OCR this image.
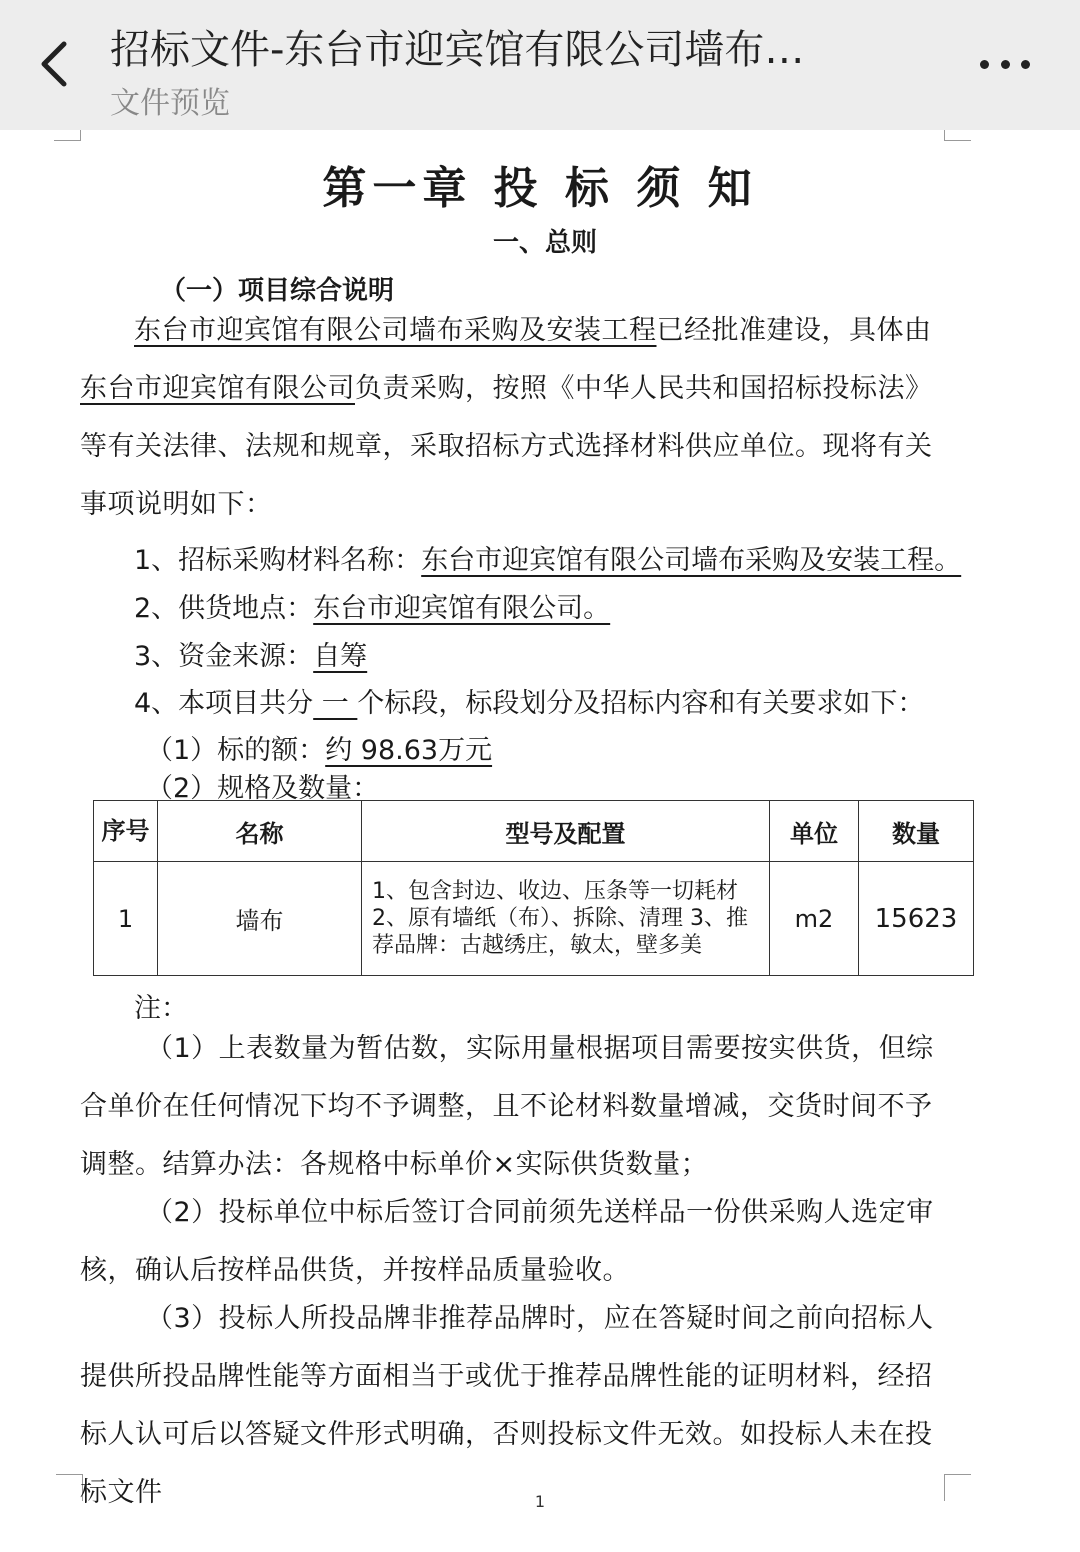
招标文件-东台市迎宾馆有限公司墙布…
文件预览
第一章 投 标 须 知
一、总则
（一）项目综合说明
东台市迎宾馆有限公司墙布采购及安装工程已经批准建设，具体由东台市迎宾馆有限公司负责采购，按照《中华人民共和国招标投标法》等有关法律、法规和规章，采取招标方式选择材料供应单位。现将有关事项说明如下：
1、招标采购材料名称：东台市迎宾馆有限公司墙布采购及安装工程。
2、供货地点：东台市迎宾馆有限公司。
3、资金来源：自筹
4、本项目共分 一 个标段，标段划分及招标内容和有关要求如下：
（1）标的额：约 98.63万元
（2）规格及数量：
序号	名称	型号及配置	单位	数量
1	墙布	1、包含封边、收边、压条等一切耗材 2、原有墙纸（布）、拆除、清理 3、推荐品牌：古越绣庄，敏太，壁多美	m2	15623
注：
（1）上表数量为暂估数，实际用量根据项目需要按实供货，但综合单价在任何情况下均不予调整，且不论材料数量增减，交货时间不予调整。结算办法：各规格中标单价×实际供货数量；
（2）投标单位中标后签订合同前须先送样品一份供采购人选定审核，确认后按样品供货，并按样品质量验收。
（3）投标人所投品牌非推荐品牌时，应在答疑时间之前向招标人提供所投品牌性能等方面相当于或优于推荐品牌性能的证明材料，经招标人认可后以答疑文件形式明确，否则投标文件无效。如投标人未在投标文件	1
